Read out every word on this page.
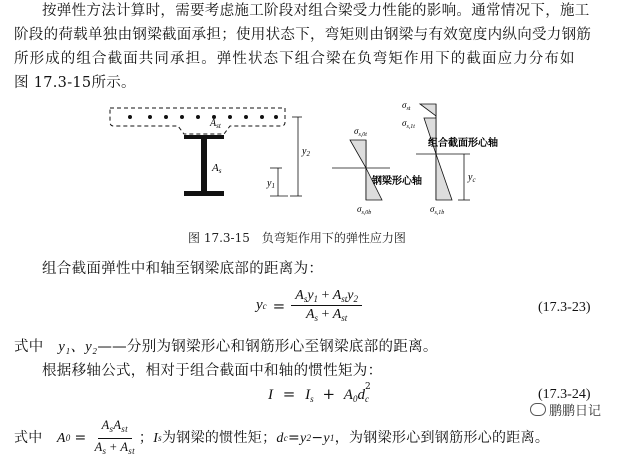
按弹性方法计算时，需要考虑施工阶段对组合梁受力性能的影响。通常情况下，施工
阶段的荷载单独由钢梁截面承担；使用状态下，弯矩则由钢梁与有效宽度内纵向受力钢筋
所形成的组合截面共同承担。弹性状态下组合梁在负弯矩作用下的截面应力分布如
图 17.3-15所示。
$A_{st}$
As
$y_1$
$y_2$
$\sigma_{s,0t}$
$\sigma_{s,0b}$
钢梁形心轴
$\sigma_{st}$
$\sigma_{s,1t}$
$\sigma_{s,1b}$
组合截面形心轴
$y_c$
图 17.3-15　负弯矩作用下的弹性应力图
组合截面弹性中和轴至钢梁底部的距离为：
y $c = \frac{A_sy_1 + A_{st}y_2}{A_s + A_{st}}$	(17.3-23)
式中 y₁、y₂——分别为钢梁形心和钢筋形心至钢梁底部的距离。
根据移轴公式，相对于组合截面中和轴的惯性矩为：
$I = I_s + A_0d$ 2
c	(17.3-24)
式中
A $0 = \frac{A_sA_{st}}{A_s + A_{st}}$ ； I s 为钢梁的惯性矩； d c = y 2 − y 1 ，为钢梁形心到钢筋形心的距离。
鹏鹏日记
